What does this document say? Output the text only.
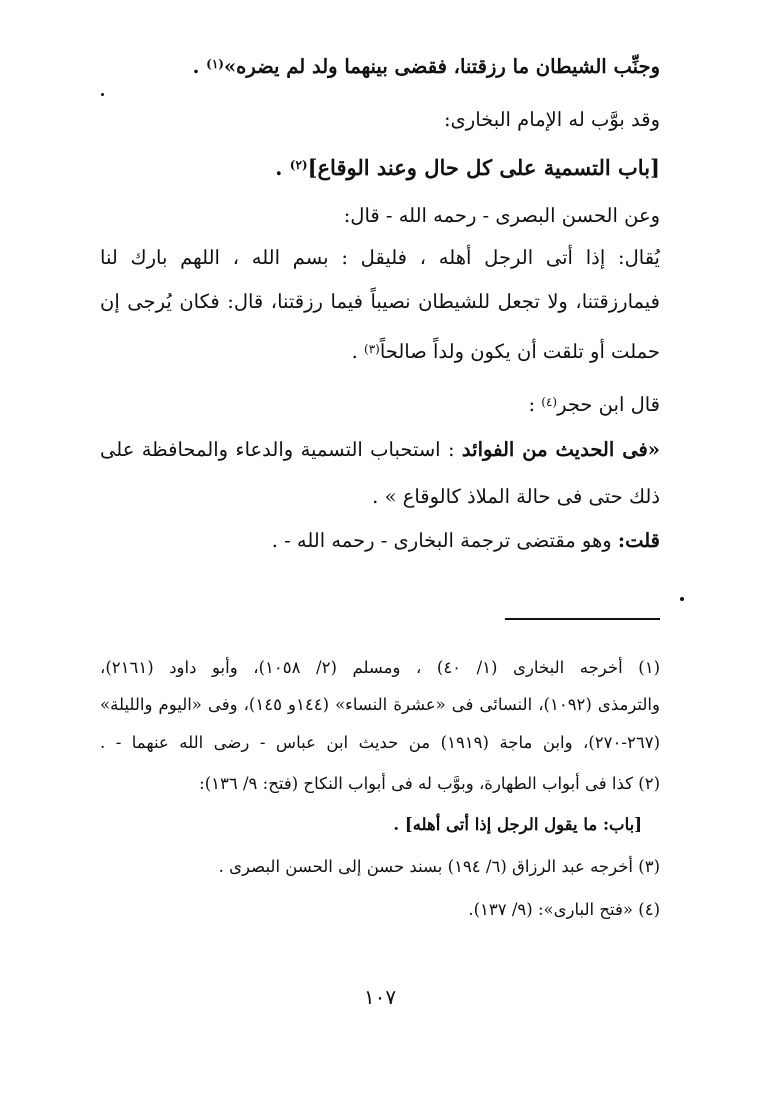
وجنِّب الشيطان ما رزقتنا، فقضى بينهما ولد لم يضره»$^{(١)}$ .
وقد بوَّب له الإمام البخارى:
[باب التسمية على كل حال وعند الوقاع]$^{(٢)}$ .
وعن الحسن البصرى - رحمه الله - قال:
يُقال: إذا أتى الرجل أهله ، فليقل : بسم الله ، اللهم بارك لنا
فيمارزقتنا، ولا تجعل للشيطان نصيباً فيما رزقتنا، قال: فكان يُرجى إن
حملت أو تلقت أن يكون ولداً صالحاً$^{(٣)}$ .
قال ابن حجر$^{(٤)}$ :
«فى الحديث من الفوائد : استحباب التسمية والدعاء والمحافظة على
ذلك حتى فى حالة الملاذ كالوقاع » .
قلت: وهو مقتضى ترجمة البخارى - رحمه الله - .
(١) أخرجه البخارى (١/ ٤٠) ، ومسلم (٢/ ١٠٥٨)، وأبو داود (٢١٦١)،
والترمذى (١٠٩٢)، النسائى فى «عشرة النساء» (١٤٤و ١٤٥)، وفى «اليوم والليلة»
(٢٦٧-٢٧٠)، وابن ماجة (١٩١٩) من حديث ابن عباس - رضى الله عنهما - .
(٢) كذا فى أبواب الطهارة، وبوَّب له فى أبواب النكاح (فتح: ٩/ ١٣٦):
[باب: ما يقول الرجل إذا أتى أهله] .
(٣) أخرجه عبد الرزاق (٦/ ١٩٤) بسند حسن إلى الحسن البصرى .
(٤) «فتح البارى»: (٩/ ١٣٧).
١٠٧
